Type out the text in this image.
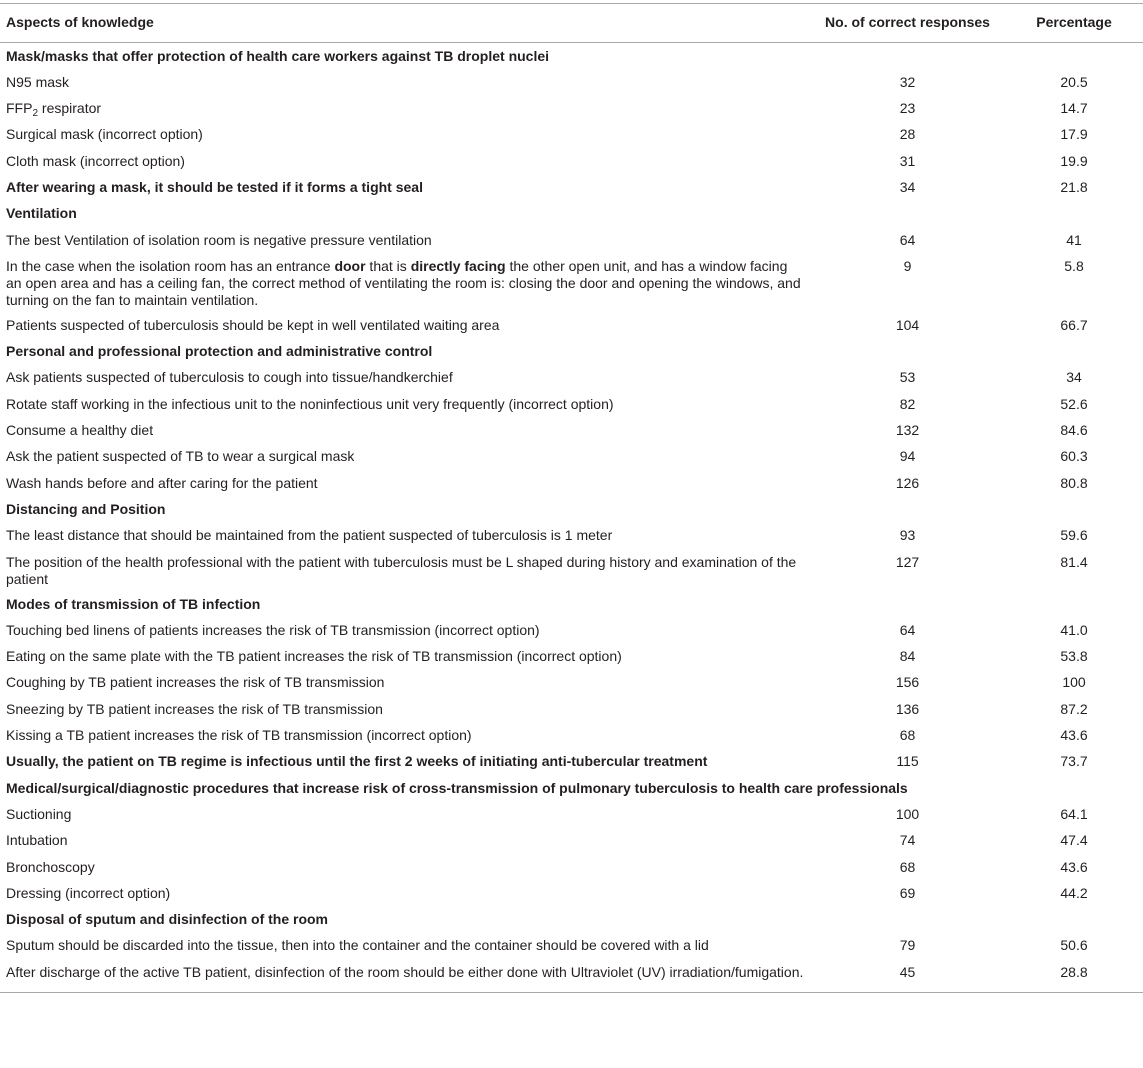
Aspects of knowledge	No. of correct responses	Percentage
Mask/masks that offer protection of health care workers against TB droplet nuclei		
N95 mask	32	20.5
$FFP_2$ respirator	23	14.7
Surgical mask (incorrect option)	28	17.9
Cloth mask (incorrect option)	31	19.9
After wearing a mask, it should be tested if it forms a tight seal	34	21.8
Ventilation		
The best Ventilation of isolation room is negative pressure ventilation	64	41
In the case when the isolation room has an entrance door that is directly facing the other open unit, and has a window facing an open area and has a ceiling fan, the correct method of ventilating the room is: closing the door and opening the windows, and turning on the fan to maintain ventilation.	9	5.8
Patients suspected of tuberculosis should be kept in well ventilated waiting area	104	66.7
Personal and professional protection and administrative control		
Ask patients suspected of tuberculosis to cough into tissue/handkerchief	53	34
Rotate staff working in the infectious unit to the noninfectious unit very frequently (incorrect option)	82	52.6
Consume a healthy diet	132	84.6
Ask the patient suspected of TB to wear a surgical mask	94	60.3
Wash hands before and after caring for the patient	126	80.8
Distancing and Position		
The least distance that should be maintained from the patient suspected of tuberculosis is 1 meter	93	59.6
The position of the health professional with the patient with tuberculosis must be L shaped during history and examination of the patient	127	81.4
Modes of transmission of TB infection		
Touching bed linens of patients increases the risk of TB transmission (incorrect option)	64	41.0
Eating on the same plate with the TB patient increases the risk of TB transmission (incorrect option)	84	53.8
Coughing by TB patient increases the risk of TB transmission	156	100
Sneezing by TB patient increases the risk of TB transmission	136	87.2
Kissing a TB patient increases the risk of TB transmission (incorrect option)	68	43.6
Usually, the patient on TB regime is infectious until the first 2 weeks of initiating anti-tubercular treatment	115	73.7
Medical/surgical/diagnostic procedures that increase risk of cross-transmission of pulmonary tuberculosis to health care professionals		
Suctioning	100	64.1
Intubation	74	47.4
Bronchoscopy	68	43.6
Dressing (incorrect option)	69	44.2
Disposal of sputum and disinfection of the room		
Sputum should be discarded into the tissue, then into the container and the container should be covered with a lid	79	50.6
After discharge of the active TB patient, disinfection of the room should be either done with Ultraviolet (UV) irradiation/fumigation.	45	28.8
